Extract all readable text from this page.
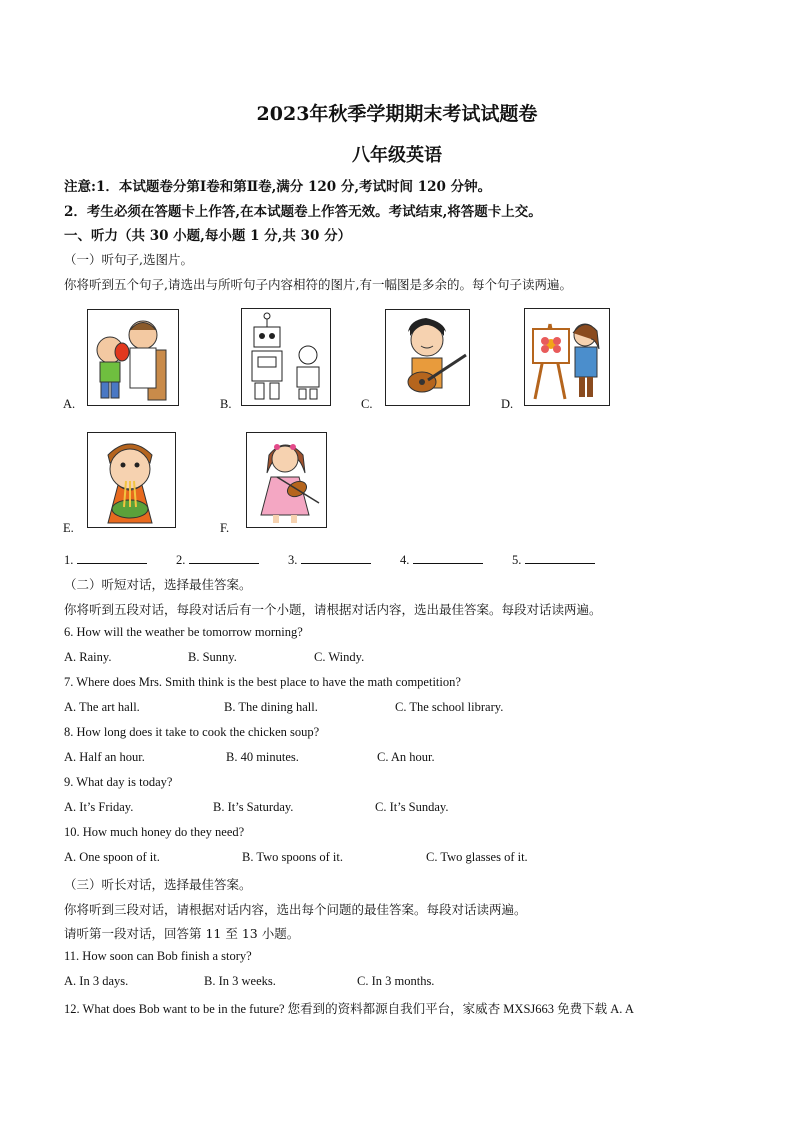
2023年秋季学期期末考试试题卷
八年级英语
注意:1．本试题卷分第Ⅰ卷和第Ⅱ卷,满分 120 分,考试时间 120 分钟。
2．考生必须在答题卡上作答,在本试题卷上作答无效。考试结束,将答题卡上交。
一、听力（共 30 小题,每小题 1 分,共 30 分）
（一）听句子,选图片。
你将听到五个句子,请选出与所听句子内容相符的图片,有一幅图是多余的。每个句子读两遍。
A.	B.	C.	D.
E.	F.
1.	2.	3.	4.	5.
（二）听短对话，选择最佳答案。
你将听到五段对话，每段对话后有一个小题，请根据对话内容，选出最佳答案。每段对话读两遍。
6. How will the weather be tomorrow morning?
A. Rainy.	B. Sunny.	C. Windy.
7. Where does Mrs. Smith think is the best place to have the math competition?
A. The art hall.	B. The dining hall.	C. The school library.
8. How long does it take to cook the chicken soup?
A. Half an hour.	B. 40 minutes.	C. An hour.
9. What day is today?
A. It’s Friday.	B. It’s Saturday.	C. It’s Sunday.
10. How much honey do they need?
A. One spoon of it.	B. Two spoons of it.	C. Two glasses of it.
（三）听长对话，选择最佳答案。
你将听到三段对话，请根据对话内容，选出每个问题的最佳答案。每段对话读两遍。
请听第一段对话，回答第 11 至 13 小题。
11. How soon can Bob finish a story?
A. In 3 days.	B. In 3 weeks.	C. In 3 months.
12. What does Bob want to be in the future? 您看到的资料都源自我们平台，家威杏 MXSJ663 免费下载 A. A
